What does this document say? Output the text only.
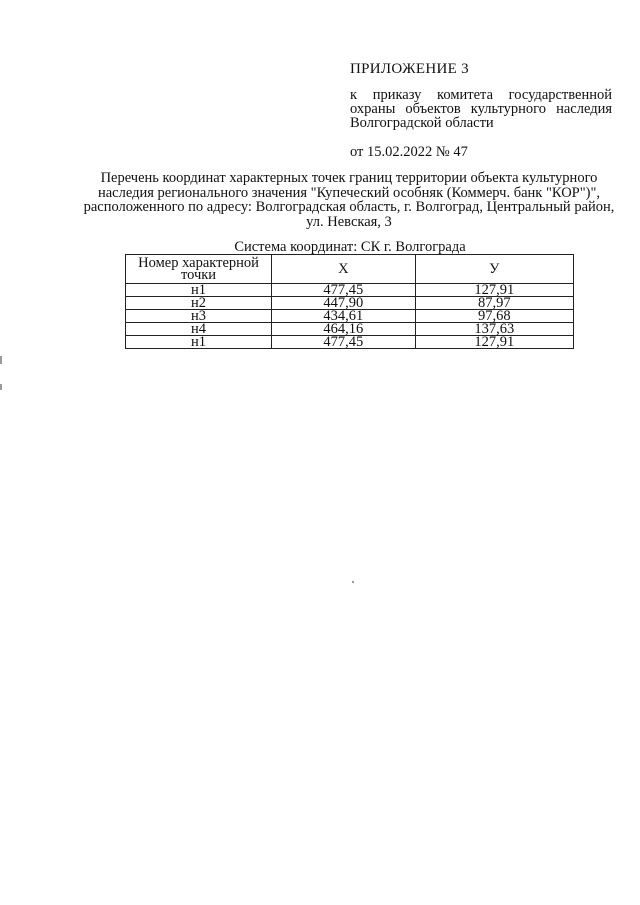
ПРИЛОЖЕНИЕ 3
к приказу комитета государственной охраны объектов культурного наследия Волгоградской области
от 15.02.2022 № 47
Перечень координат характерных точек границ территории объекта культурного наследия регионального значения "Купеческий особняк (Коммерч. банк "КОР")", расположенного по адресу: Волгоградская область, г. Волгоград, Центральный район, ул. Невская, 3
Система координат: СК г. Волгограда
Номер характерной точки	X	У
н1	477,45	127,91
н2	447,90	87,97
н3	434,61	97,68
н4	464,16	137,63
н1	477,45	127,91
